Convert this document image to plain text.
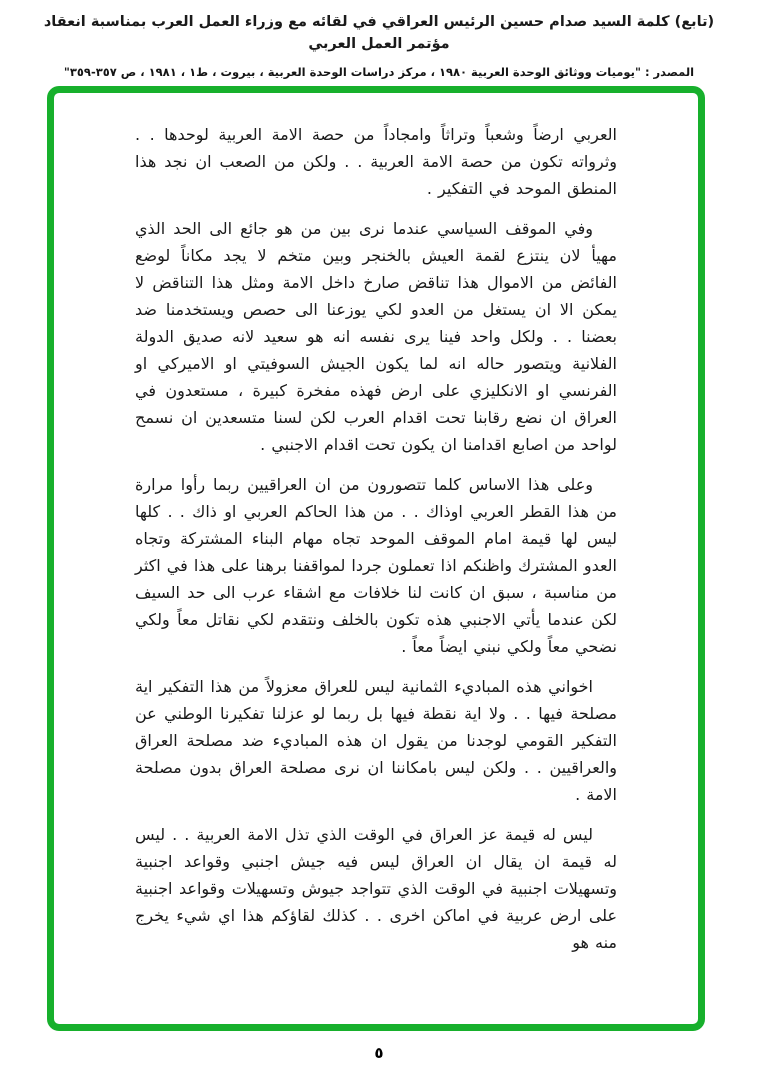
(تابع) كلمة السيد صدام حسين الرئيس العراقي في لقائه مع وزراء العمل العرب بمناسبة انعقاد مؤتمر العمل العربي
المصدر : "يوميات ووثائق الوحدة العربية ١٩٨٠ ، مركز دراسات الوحدة العربية ، بيروت ، ط١ ، ١٩٨١ ، ص ٣٥٧-٣٥٩"

العربي ارضاً وشعباً وتراثاً وامجاداً من حصة الامة العربية لوحدها . . وثرواته تكون من حصة الامة العربية . . ولكن من الصعب ان نجد هذا المنطق الموحد في التفكير .

وفي الموقف السياسي عندما نرى بين من هو جائع الى الحد الذي مهيأ لان ينتزع لقمة العيش بالخنجر وبين متخم لا يجد مكاناً لوضع الفائض من الاموال هذا تناقض صارخ داخل الامة ومثل هذا التناقض لا يمكن الا ان يستغل من العدو لكي يوزعنا الى حصص ويستخدمنا ضد بعضنا . . ولكل واحد فينا يرى نفسه انه هو سعيد لانه صديق الدولة الفلانية ويتصور حاله انه لما يكون الجيش السوفيتي او الاميركي او الفرنسي او الانكليزي على ارض فهذه مفخرة كبيرة ، مستعدون في العراق ان نضع رقابنا تحت اقدام العرب لكن لسنا متسعدين ان نسمح لواحد من اصابع اقدامنا ان يكون تحت اقدام الاجنبي .

وعلى هذا الاساس كلما تتصورون من ان العراقيين ربما رأوا مرارة من هذا القطر العربي اوذاك . . من هذا الحاكم العربي او ذاك . . كلها ليس لها قيمة امام الموقف الموحد تجاه مهام البناء المشتركة وتجاه العدو المشترك واظنكم اذا تعملون جردا لمواقفنا برهنا على هذا في اكثر من مناسبة ، سبق ان كانت لنا خلافات مع اشقاء عرب الى حد السيف لكن عندما يأتي الاجنبي هذه تكون بالخلف ونتقدم لكي نقاتل معاً ولكي نضحي معاً ولكي نبني ايضاً معاً .

اخواني هذه المباديء الثمانية ليس للعراق معزولاً من هذا التفكير اية مصلحة فيها . . ولا اية نقطة فيها بل ربما لو عزلنا تفكيرنا الوطني عن التفكير القومي لوجدنا من يقول ان هذه المباديء ضد مصلحة العراق والعراقيين . . ولكن ليس بامكاننا ان نرى مصلحة العراق بدون مصلحة الامة .

ليس له قيمة عز العراق في الوقت الذي تذل الامة العربية . . ليس له قيمة ان يقال ان العراق ليس فيه جيش اجنبي وقواعد اجنبية وتسهيلات اجنبية في الوقت الذي تتواجد جيوش وتسهيلات وقواعد اجنبية على ارض عربية في اماكن اخرى . . كذلك لقاؤكم هذا اي شيء يخرج منه هو

٥
